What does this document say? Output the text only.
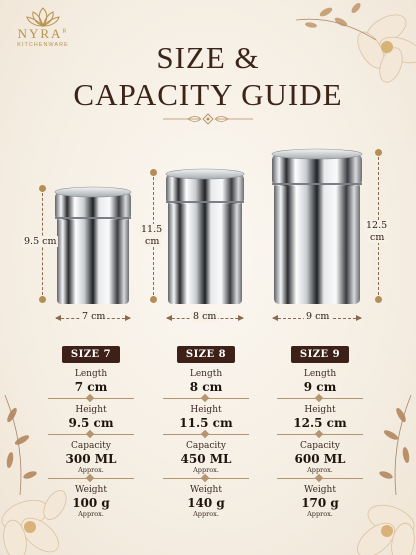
$NYRA^R$
KITCHENWARE	SIZE &
CAPACITY GUIDE
9.5 cm
7 cm
11.5
cm
8 cm
12.5
cm
9 cm
SIZE 7
Length
7 cm
Height
9.5 cm
Capacity
300 ML
Approx.
Weight
100 g
Approx.
SIZE 8
Length
8 cm
Height
11.5 cm
Capacity
450 ML
Approx.
Weight
140 g
Approx.
SIZE 9
Length
9 cm
Height
12.5 cm
Capacity
600 ML
Approx.
Weight
170 g
Approx.
